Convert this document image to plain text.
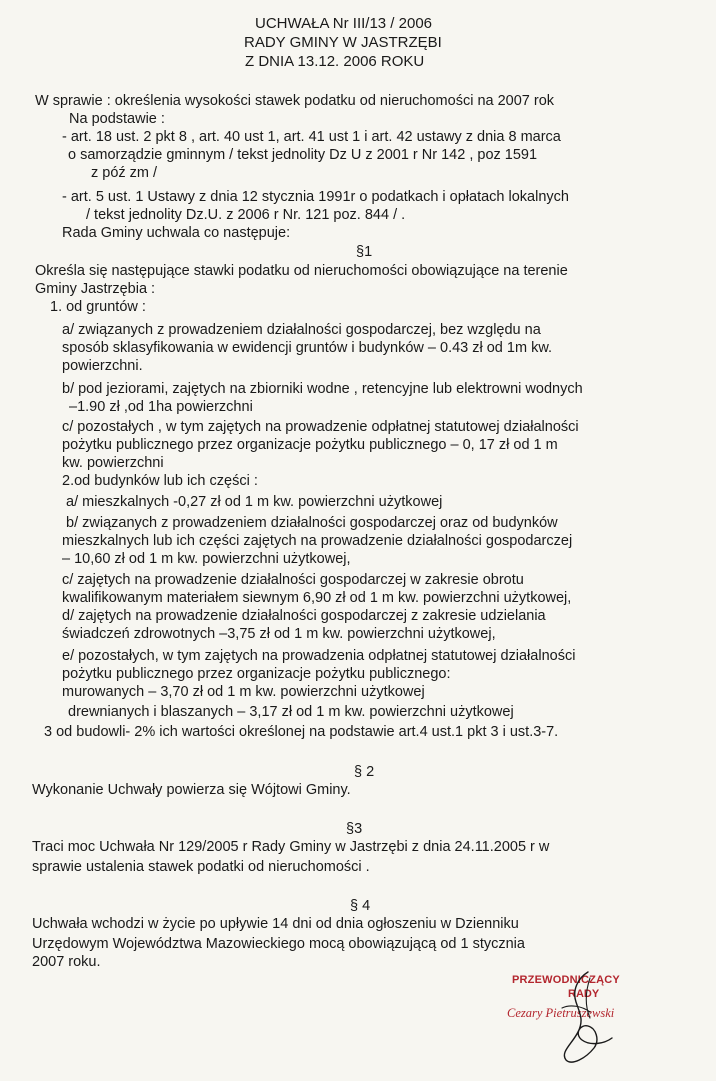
UCHWAŁA Nr III/13 / 2006
RADY GMINY W JASTRZĘBI
Z DNIA 13.12. 2006 ROKU
W sprawie : określenia wysokości stawek podatku od nieruchomości na 2007 rok
Na podstawie :
- art. 18 ust. 2 pkt 8 , art. 40 ust 1, art. 41 ust 1 i art. 42 ustawy z dnia 8 marca
o samorządzie gminnym / tekst jednolity Dz U z 2001 r Nr 142 , poz 1591
z póź zm /
- art. 5 ust. 1 Ustawy z dnia 12 stycznia 1991r o podatkach i opłatach lokalnych
/ tekst jednolity Dz.U. z 2006 r Nr. 121 poz. 844 / .
Rada Gminy uchwala co następuje:
§1
Określa się następujące stawki podatku od nieruchomości obowiązujące na terenie
Gminy Jastrzębia :
1. od gruntów :
a/ związanych z prowadzeniem działalności gospodarczej, bez względu na
sposób sklasyfikowania w ewidencji gruntów i budynków – 0.43 zł od 1m kw.
powierzchni.
b/ pod jeziorami, zajętych na zbiorniki wodne , retencyjne lub elektrowni wodnych
–1.90 zł ,od 1ha powierzchni
c/ pozostałych , w tym zajętych na prowadzenie odpłatnej statutowej działalności
pożytku publicznego przez organizacje pożytku publicznego – 0, 17 zł od 1 m
kw. powierzchni
2.od budynków lub ich części :
a/ mieszkalnych -0,27 zł od 1 m kw. powierzchni użytkowej
b/ związanych z prowadzeniem działalności gospodarczej oraz od budynków
mieszkalnych lub ich części zajętych na prowadzenie działalności gospodarczej
– 10,60 zł od 1 m kw. powierzchni użytkowej,
c/ zajętych na prowadzenie działalności gospodarczej w zakresie obrotu
kwalifikowanym materiałem siewnym 6,90 zł od 1 m kw. powierzchni użytkowej,
d/ zajętych na prowadzenie działalności gospodarczej z zakresie udzielania
świadczeń zdrowotnych –3,75 zł od 1 m kw. powierzchni użytkowej,
e/ pozostałych, w tym zajętych na prowadzenia odpłatnej statutowej działalności
pożytku publicznego przez organizacje pożytku publicznego:
murowanych – 3,70 zł od 1 m kw. powierzchni użytkowej
drewnianych i blaszanych – 3,17 zł od 1 m kw. powierzchni użytkowej
3 od budowli- 2% ich wartości określonej na podstawie art.4 ust.1 pkt 3 i ust.3-7.
§ 2
Wykonanie Uchwały powierza się Wójtowi Gminy.
§3
Traci moc Uchwała Nr 129/2005 r Rady Gminy w Jastrzębi z dnia 24.11.2005 r w
sprawie ustalenia stawek podatki od nieruchomości .
§ 4
Uchwała wchodzi w życie po upływie 14 dni od dnia ogłoszeniu w Dzienniku
Urzędowym Województwa Mazowieckiego mocą obowiązującą od 1 stycznia
2007 roku.
PRZEWODNICZĄCY
RADY
Cezary Pietruszewski
